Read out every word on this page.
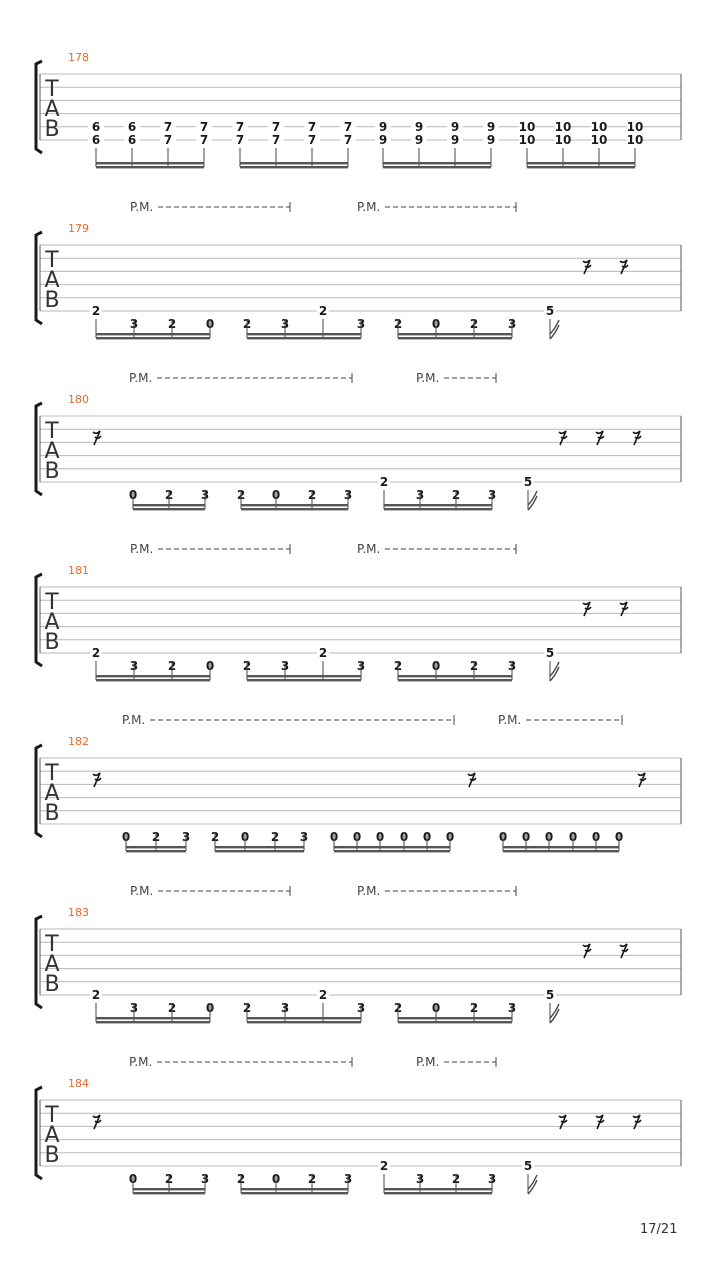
178
T
A
B	6
6
6
6
7
7
7
7
7
7
7
7
7
7
7
7
9
9
9
9
9
9
9
9
10
10
10
10
10
10
10
10
P.M.	P.M.
179
T
A
B	2
3 2 0 2 3
2
3 2 0 2 3
5
P.M.	P.M.
180
T
A
B
0 2 3 2 0 2 3
2
3 2 3
5
P.M.	P.M.
181
T
A
B	2
3 2 0 2 3
2
3 2 0 2 3
5
P.M.	P.M.
182
T
A
B
0 2 3 2 0 2 3 0 0 0 0 0 0	0 0 0 0 0 0
P.M.	P.M.
183
T
A
B	2
3 2 0 2 3
2
3 2 0 2 3
5
P.M.	P.M.
184
T
A
B
0 2 3 2 0 2 3
2
3 2 3
5
17/21
